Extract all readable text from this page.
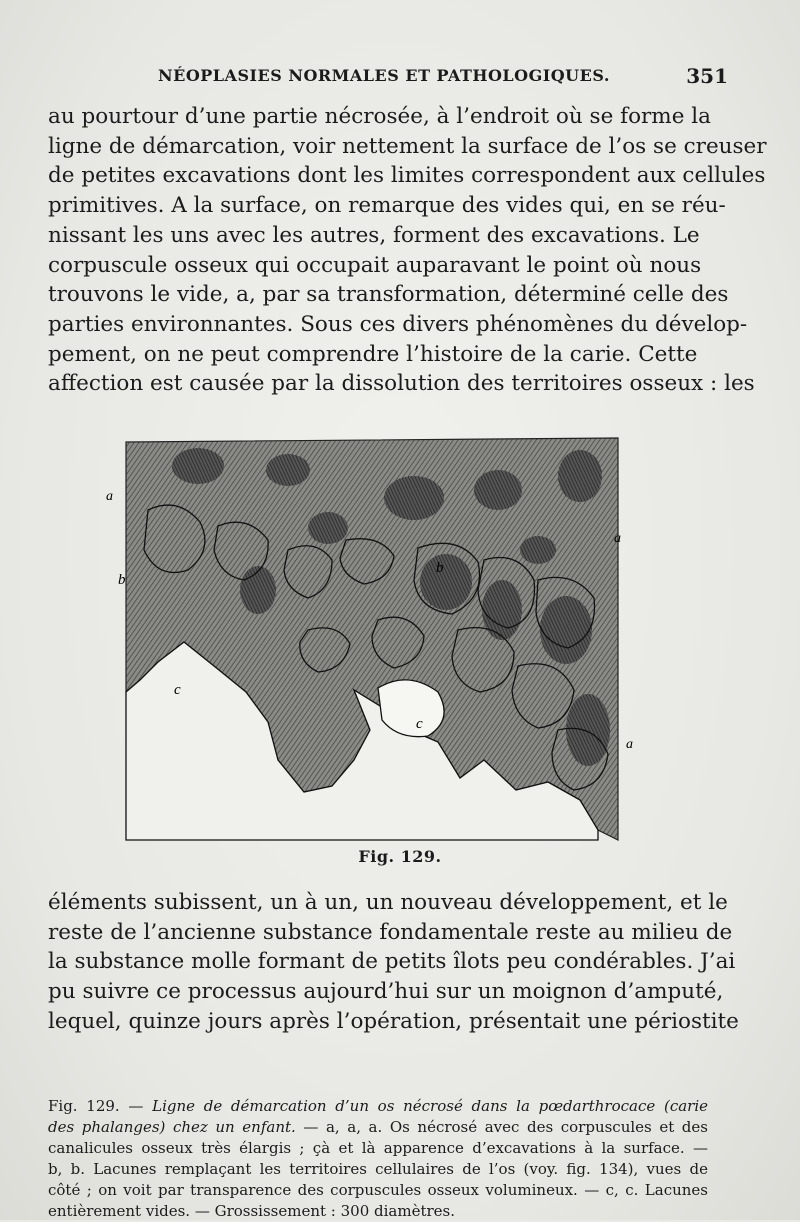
NÉOPLASIES NORMALES ET PATHOLOGIQUES.	351
au pourtour d’une partie nécrosée, à l’endroit où se forme la
ligne de démarcation, voir nettement la surface de l’os se creuser
de petites excavations dont les limites correspondent aux cellules
primitives. A la surface, on remarque des vides qui, en se réu-
nissant les uns avec les autres, forment des excavations. Le
corpuscule osseux qui occupait auparavant le point où nous
trouvons le vide, a, par sa transformation, déterminé celle des
parties environnantes. Sous ces divers phénomènes du dévelop-
pement, on ne peut comprendre l’histoire de la carie. Cette
affection est causée par la dissolution des territoires osseux : les
a
a
a
b
b
c
c
Fig. 129.
éléments subissent, un à un, un nouveau développement, et le
reste de l’ancienne substance fondamentale reste au milieu de
la substance molle formant de petits îlots peu condérables. J’ai
pu suivre ce processus aujourd’hui sur un moignon d’amputé,
lequel, quinze jours après l’opération, présentait une périostite
Fig. 129. — Ligne de démarcation d’un os nécrosé dans la pœdarthrocace (carie
des phalanges) chez un enfant. — a, a, a. Os nécrosé avec des corpuscules et des
canalicules osseux très élargis ; çà et là apparence d’excavations à la surface. —
b, b. Lacunes remplaçant les territoires cellulaires de l’os (voy. fig. 134), vues de
côté ; on voit par transparence des corpuscules osseux volumineux. — c, c. Lacunes
entièrement vides. — Grossissement : 300 diamètres.
